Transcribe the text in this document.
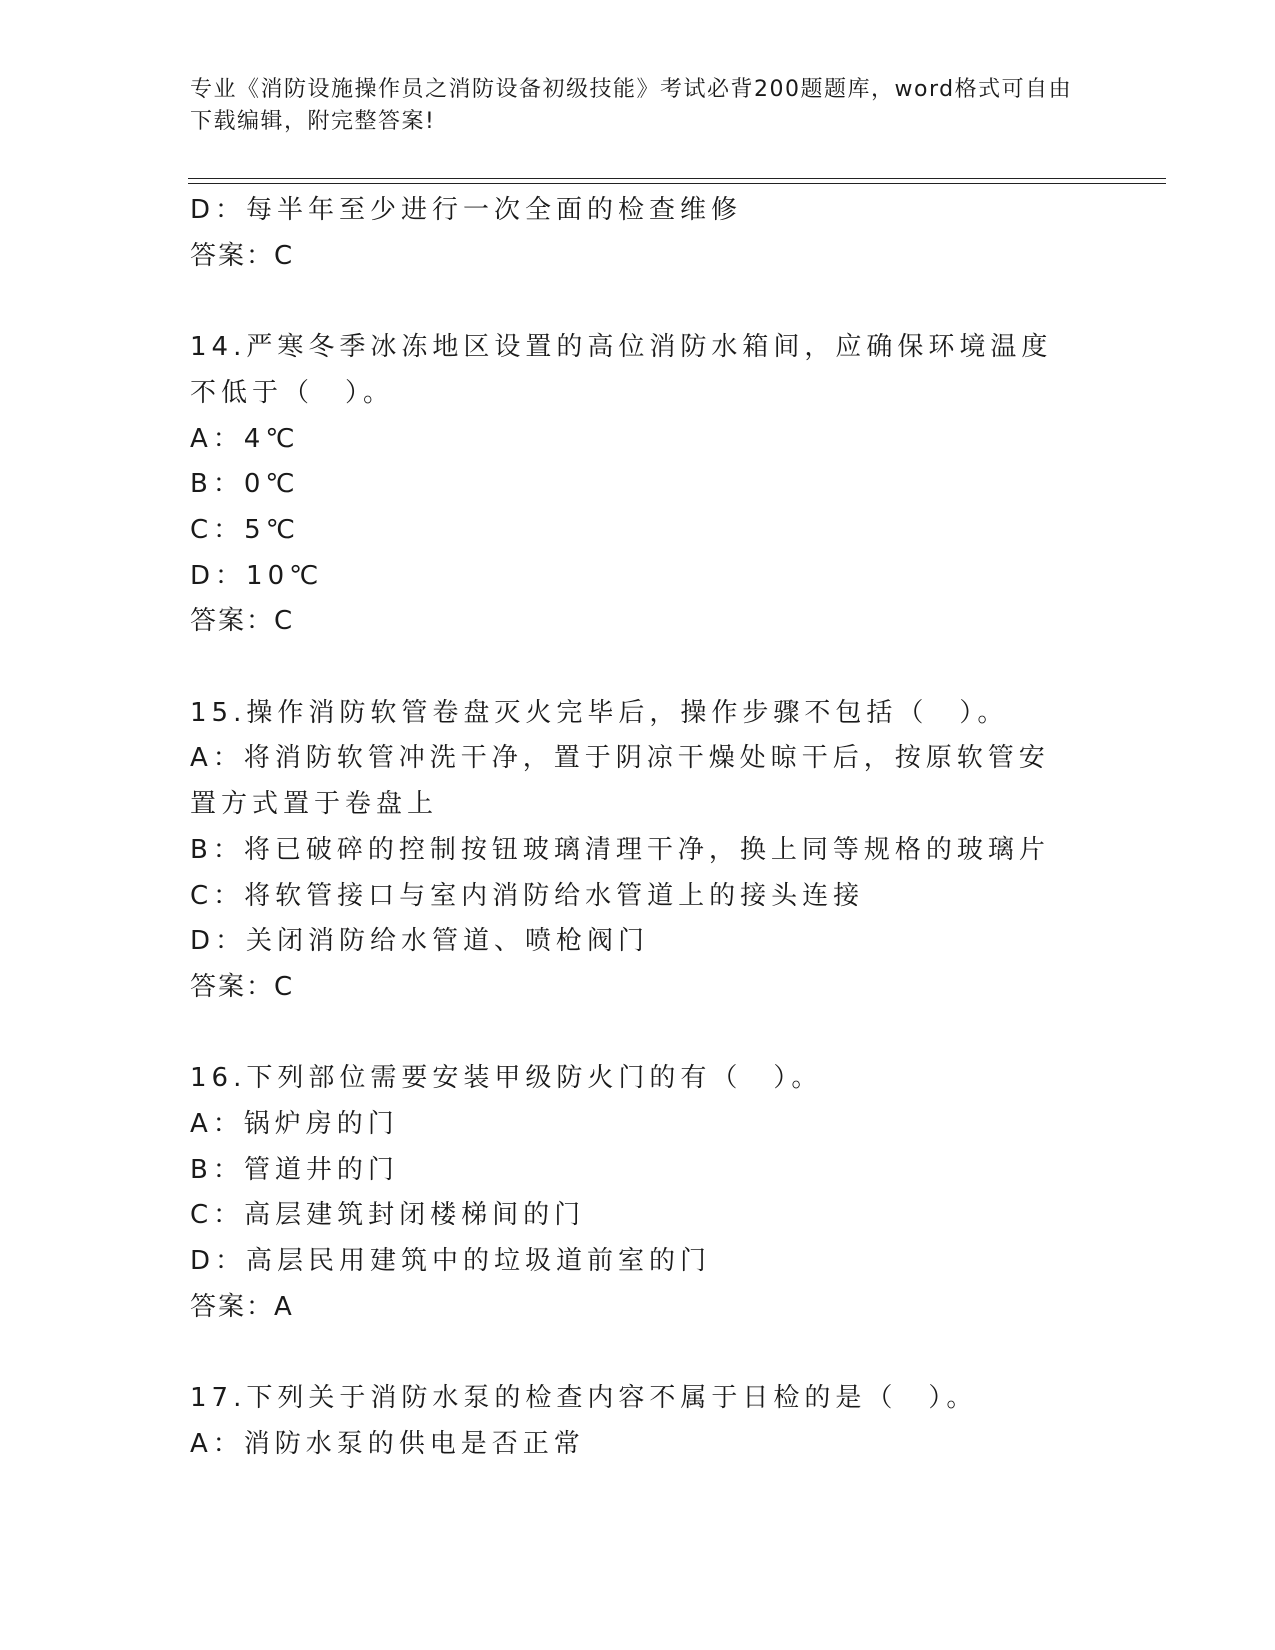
专业《消防设施操作员之消防设备初级技能》考试必背200题题库，word格式可自由下载编辑，附完整答案!
D：每半年至少进行一次全面的检查维修
答案：C
14.严寒冬季冰冻地区设置的高位消防水箱间，应确保环境温度不低于（　）。
A：4℃
B：0℃
C：5℃
D：10℃
答案：C
15.操作消防软管卷盘灭火完毕后，操作步骤不包括（　）。
A：将消防软管冲洗干净，置于阴凉干燥处晾干后，按原软管安置方式置于卷盘上
B：将已破碎的控制按钮玻璃清理干净，换上同等规格的玻璃片
C：将软管接口与室内消防给水管道上的接头连接
D：关闭消防给水管道、喷枪阀门
答案：C
16.下列部位需要安装甲级防火门的有（　）。
A：锅炉房的门
B：管道井的门
C：高层建筑封闭楼梯间的门
D：高层民用建筑中的垃圾道前室的门
答案：A
17.下列关于消防水泵的检查内容不属于日检的是（　）。
A：消防水泵的供电是否正常
